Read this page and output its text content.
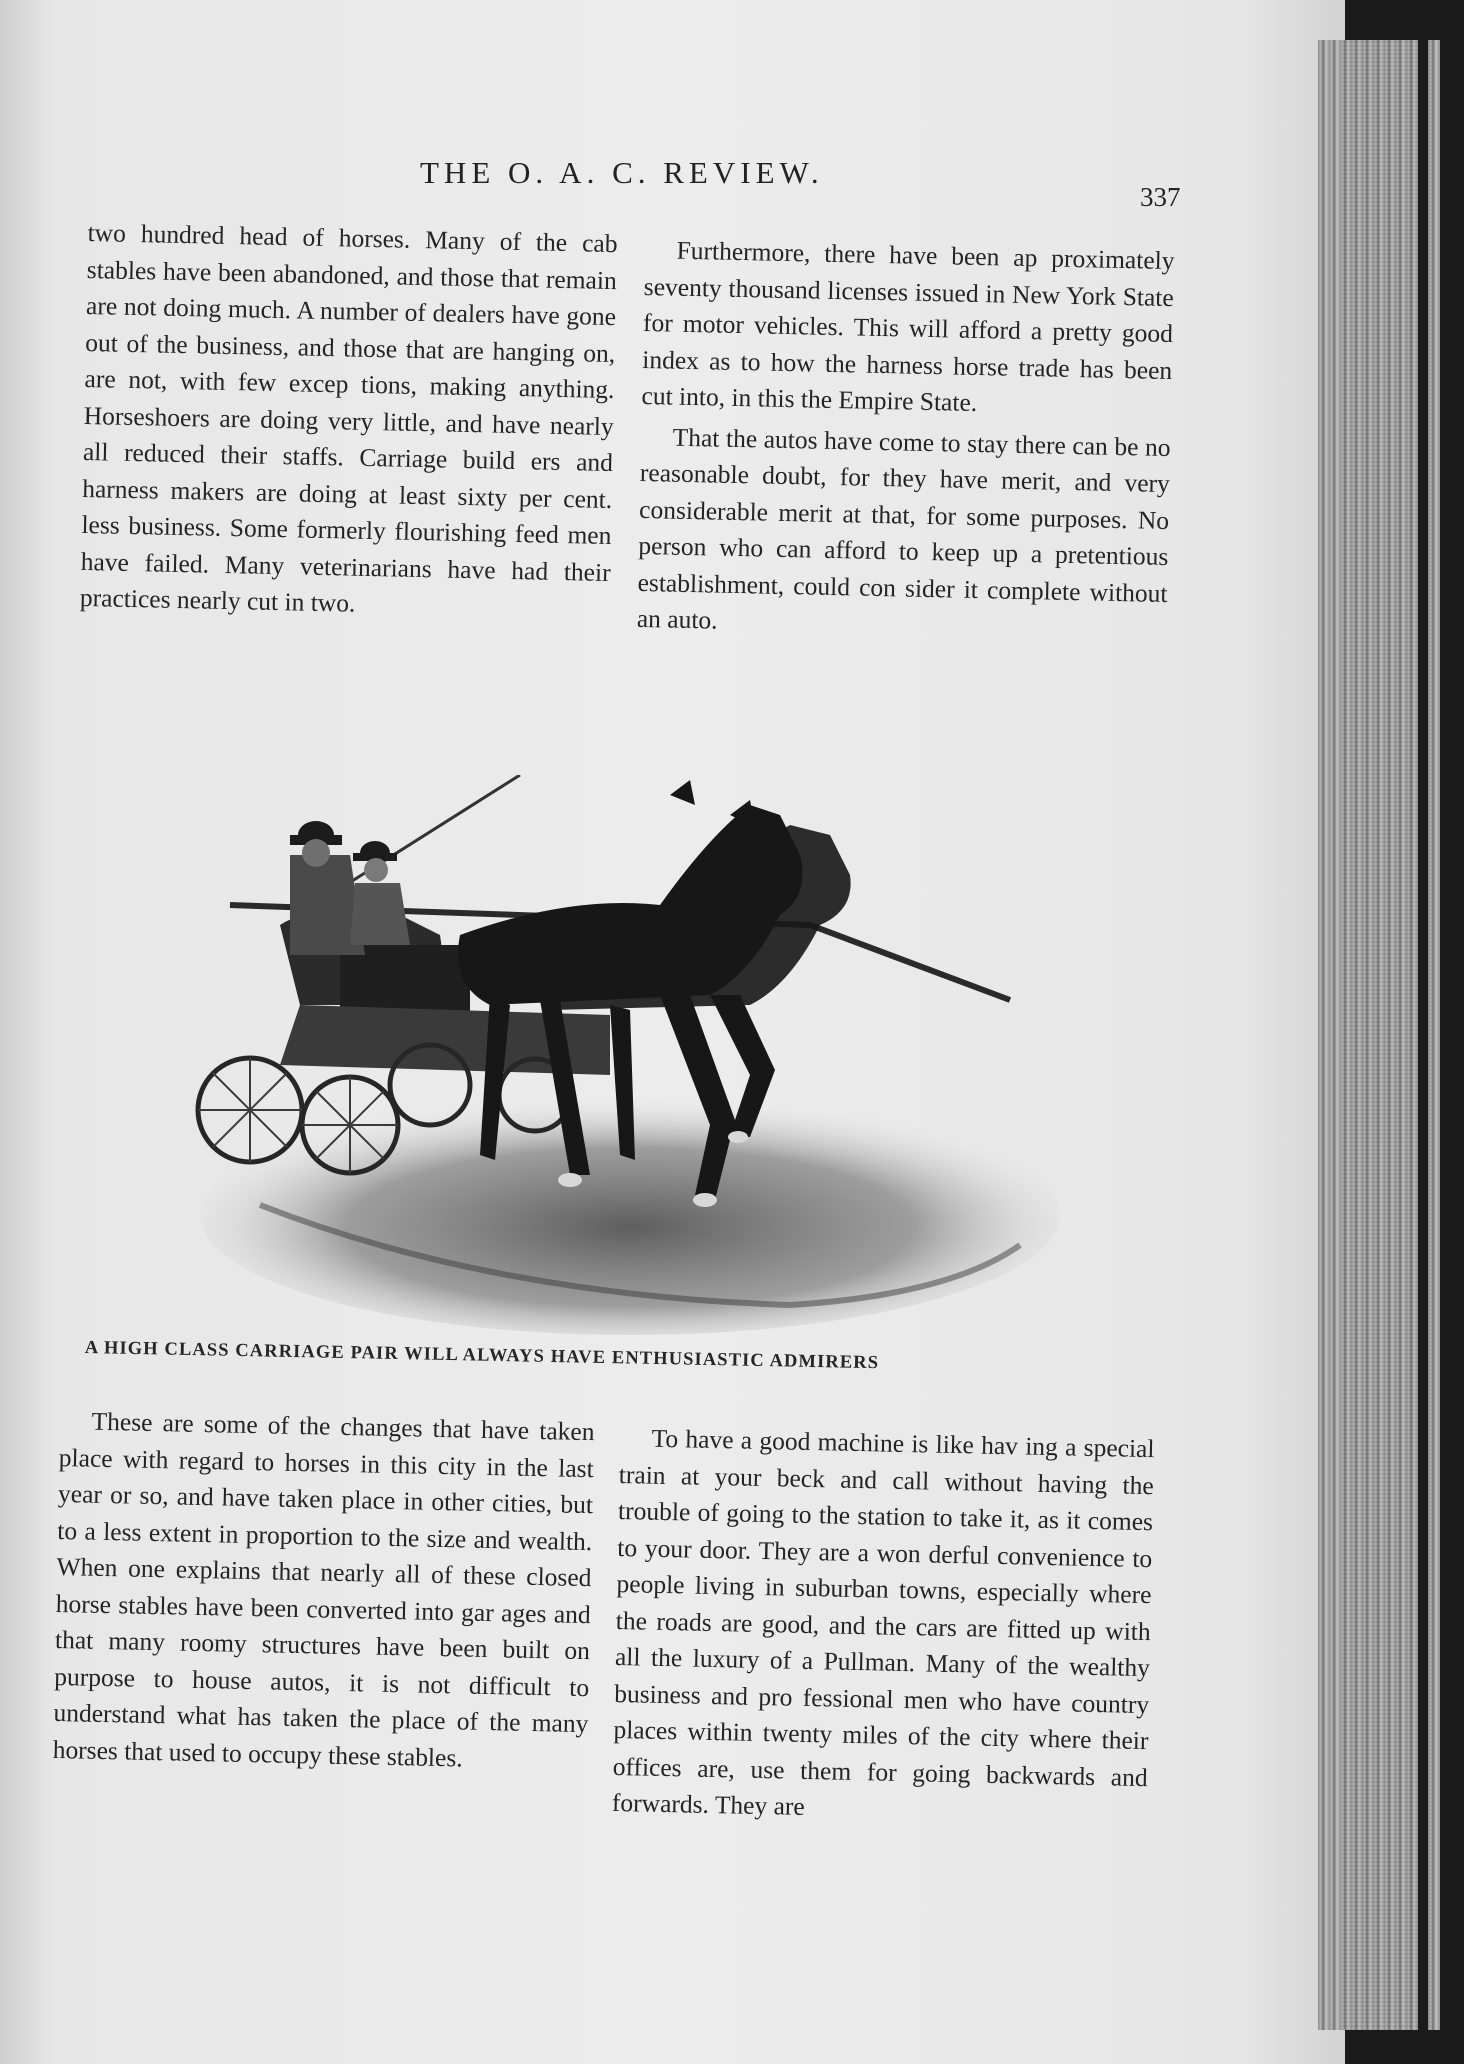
THE O. A. C. REVIEW.
337

two hundred head of horses. Many of the cab stables have been abandoned, and those that remain are not doing much. A number of dealers have gone out of the business, and those that are hanging on, are not, with few excep tions, making anything. Horseshoers are doing very little, and have nearly all reduced their staffs. Carriage build ers and harness makers are doing at least sixty per cent. less business. Some formerly flourishing feed men have failed. Many veterinarians have had their practices nearly cut in two.

Furthermore, there have been ap proximately seventy thousand licenses issued in New York State for motor vehicles. This will afford a pretty good index as to how the harness horse trade has been cut into, in this the Empire State.

That the autos have come to stay there can be no reasonable doubt, for they have merit, and very considerable merit at that, for some purposes. No person who can afford to keep up a pretentious establishment, could con sider it complete without an auto.

A HIGH CLASS CARRIAGE PAIR WILL ALWAYS HAVE ENTHUSIASTIC ADMIRERS

These are some of the changes that have taken place with regard to horses in this city in the last year or so, and have taken place in other cities, but to a less extent in proportion to the size and wealth. When one explains that nearly all of these closed horse stables have been converted into gar ages and that many roomy structures have been built on purpose to house autos, it is not difficult to understand what has taken the place of the many horses that used to occupy these stables.

To have a good machine is like hav ing a special train at your beck and call without having the trouble of going to the station to take it, as it comes to your door. They are a won derful convenience to people living in suburban towns, especially where the roads are good, and the cars are fitted up with all the luxury of a Pullman. Many of the wealthy business and pro fessional men who have country places within twenty miles of the city where their offices are, use them for going backwards and forwards. They are
